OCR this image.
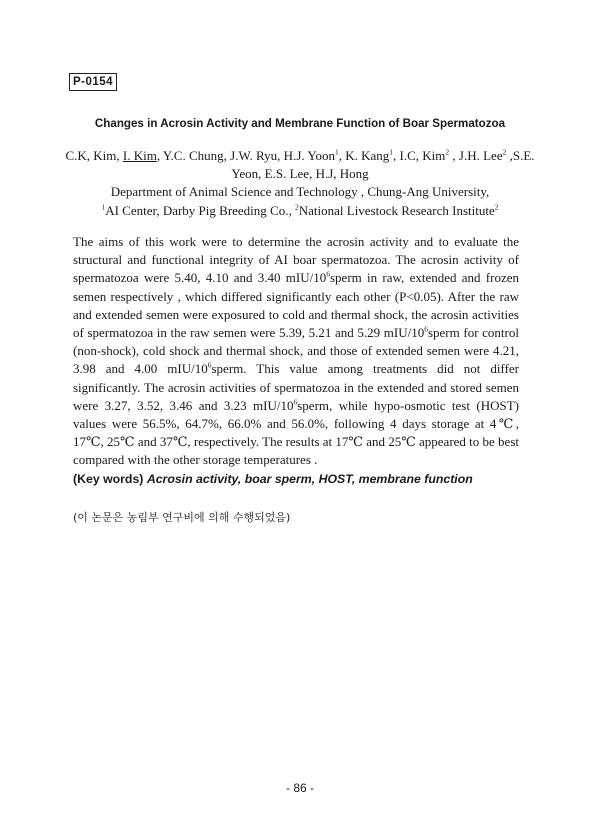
P-0154
Changes in Acrosin Activity and Membrane Function of Boar Spermatozoa
C.K, Kim, I. Kim, Y.C. Chung, J.W. Ryu, H.J. Yoon$^1$, K. Kang$^1$, I.C, Kim$^2$ , J.H. Lee$^2$ ,S.E. Yeon, E.S. Lee, H.J, Hong
Department of Animal Science and Technology , Chung-Ang University,
$^1$AI Center, Darby Pig Breeding Co., $^2$National Livestock Research Institute$^2$
The aims of this work were to determine the acrosin activity and to evaluate the structural and functional integrity of AI boar spermatozoa. The acrosin activity of spermatozoa were 5.40, 4.10 and 3.40 mIU/$10^6sperm$ in raw, extended and frozen semen respectively , which differed significantly each other (P<0.05). After the raw and extended semen were exposured to cold and thermal shock, the acrosin activities of spermatozoa in the raw semen were 5.39, 5.21 and 5.29 mIU/$10^6sperm$ for control (non-shock), cold shock and thermal shock, and those of extended semen were 4.21, 3.98 and 4.00 mIU/$10^6sperm$. This value among treatments did not differ significantly. The acrosin activities of spermatozoa in the extended and stored semen were 3.27, 3.52, 3.46 and 3.23 mIU/$10^6sperm$, while hypo-osmotic test (HOST) values were 56.5%, 64.7%, 66.0% and 56.0%, following 4 days storage at 4℃, 17℃, 25℃ and 37℃, respectively. The results at 17℃ and 25℃ appeared to be best compared with the other storage temperatures .
(Key words) Acrosin activity, boar sperm, HOST, membrane function
(이 논문은 농림부 연구비에 의해 수행되었음)
- 86 -
